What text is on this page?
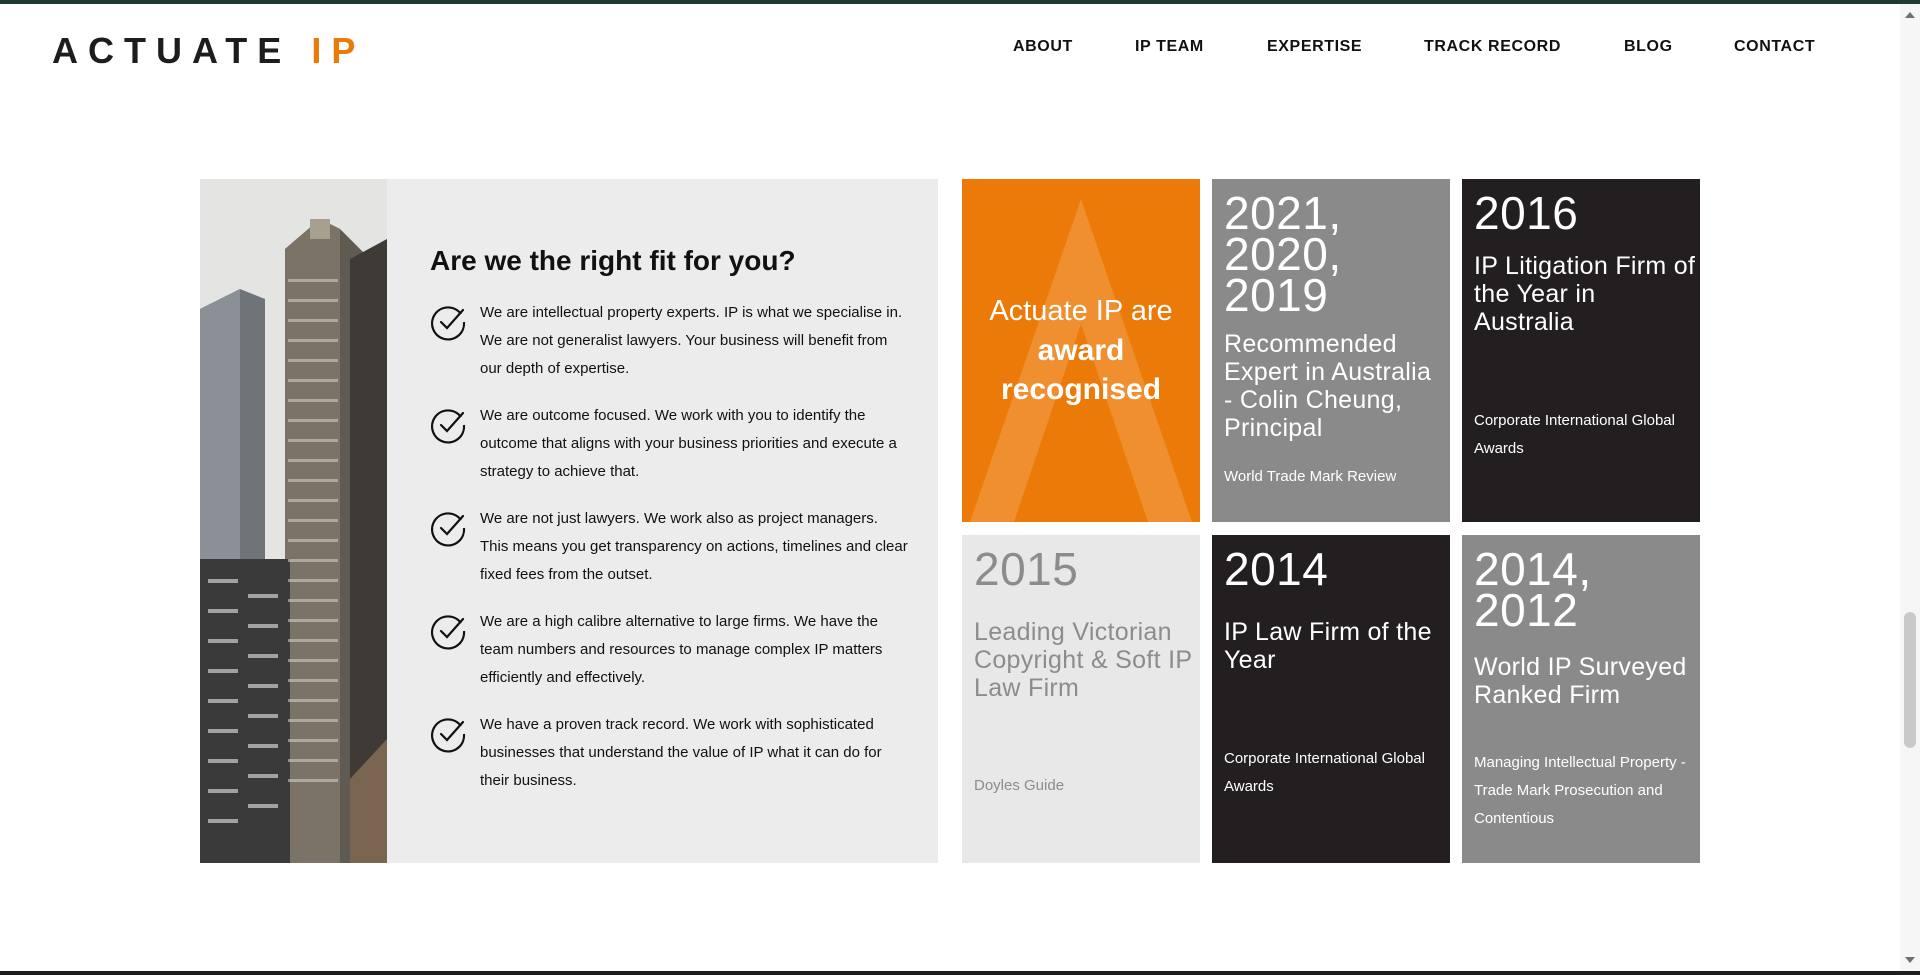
ACTUATE IP	ABOUT	IP TEAM	EXPERTISE	TRACK RECORD	BLOG	CONTACT
Are we the right fit for you?

We are intellectual property experts. IP is what we specialise in. We are not generalist lawyers. Your business will benefit from our depth of expertise.

We are outcome focused. We work with you to identify the outcome that aligns with your business priorities and execute a strategy to achieve that.

We are not just lawyers. We work also as project managers. This means you get transparency on actions, timelines and clear fixed fees from the outset.

We are a high calibre alternative to large firms. We have the team numbers and resources to manage complex IP matters efficiently and effectively.

We have a proven track record. We work with sophisticated businesses that understand the value of IP what it can do for their business.

Actuate IP are
award
recognised
2021, 2020, 2019
Recommended Expert in Australia - Colin Cheung, Principal
World Trade Mark Review
2016
IP Litigation Firm of the Year in Australia
Corporate International Global Awards
2015
Leading Victorian Copyright & Soft IP Law Firm
Doyles Guide
2014
IP Law Firm of the Year
Corporate International Global Awards
2014, 2012
World IP Surveyed Ranked Firm
Managing Intellectual Property - Trade Mark Prosecution and Contentious
